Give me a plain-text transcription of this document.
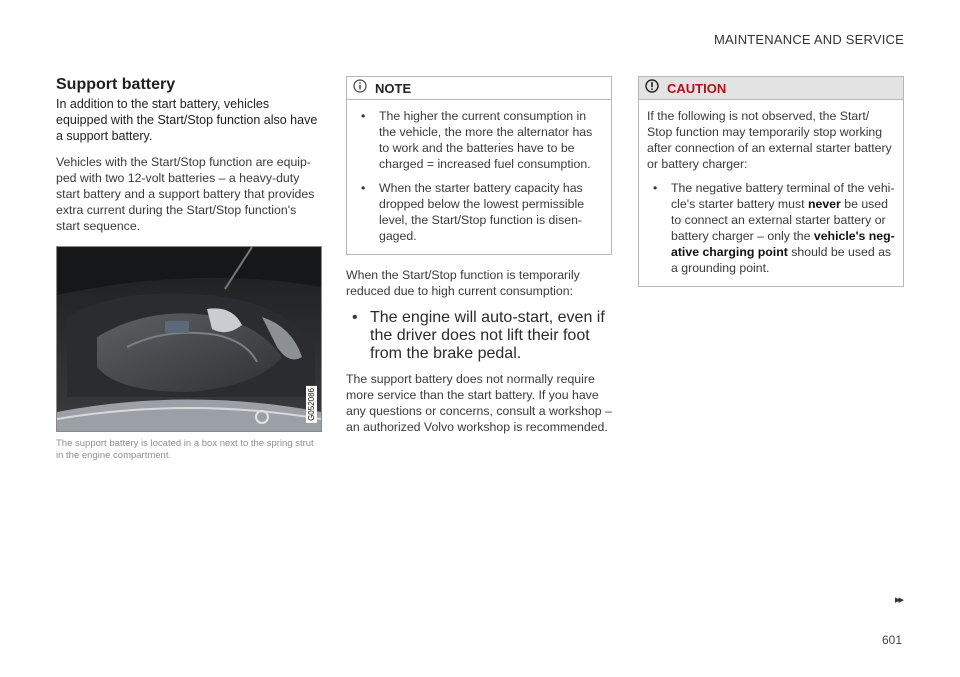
MAINTENANCE AND SERVICE
Support battery

In addition to the start battery, vehicles equipped with the Start/Stop function also have a support battery.

Vehicles with the Start/Stop function are equip-ped with two 12-volt batteries – a heavy-duty start battery and a support battery that provides extra current during the Start/Stop function's start sequence.

G052086
The support battery is located in a box next to the spring strut in the engine compartment.
NOTE
• The higher the current consumption in the vehicle, the more the alternator has to work and the batteries have to be charged = increased fuel consumption.
• When the starter battery capacity has dropped below the lowest permissible level, the Start/Stop function is disen-gaged.

When the Start/Stop function is temporarily reduced due to high current consumption:

• The engine will auto-start, even if the driver does not lift their foot from the brake pedal.

The support battery does not normally require more service than the start battery. If you have any questions or concerns, consult a workshop – an authorized Volvo workshop is recommended.

CAUTION

If the following is not observed, the Start/ Stop function may temporarily stop working after connection of an external starter battery or battery charger:

• The negative battery terminal of the vehi-cle's starter battery must never be used to connect an external starter battery or battery charger – only the vehicle's neg-ative charging point should be used as a grounding point.
▸▸
601
